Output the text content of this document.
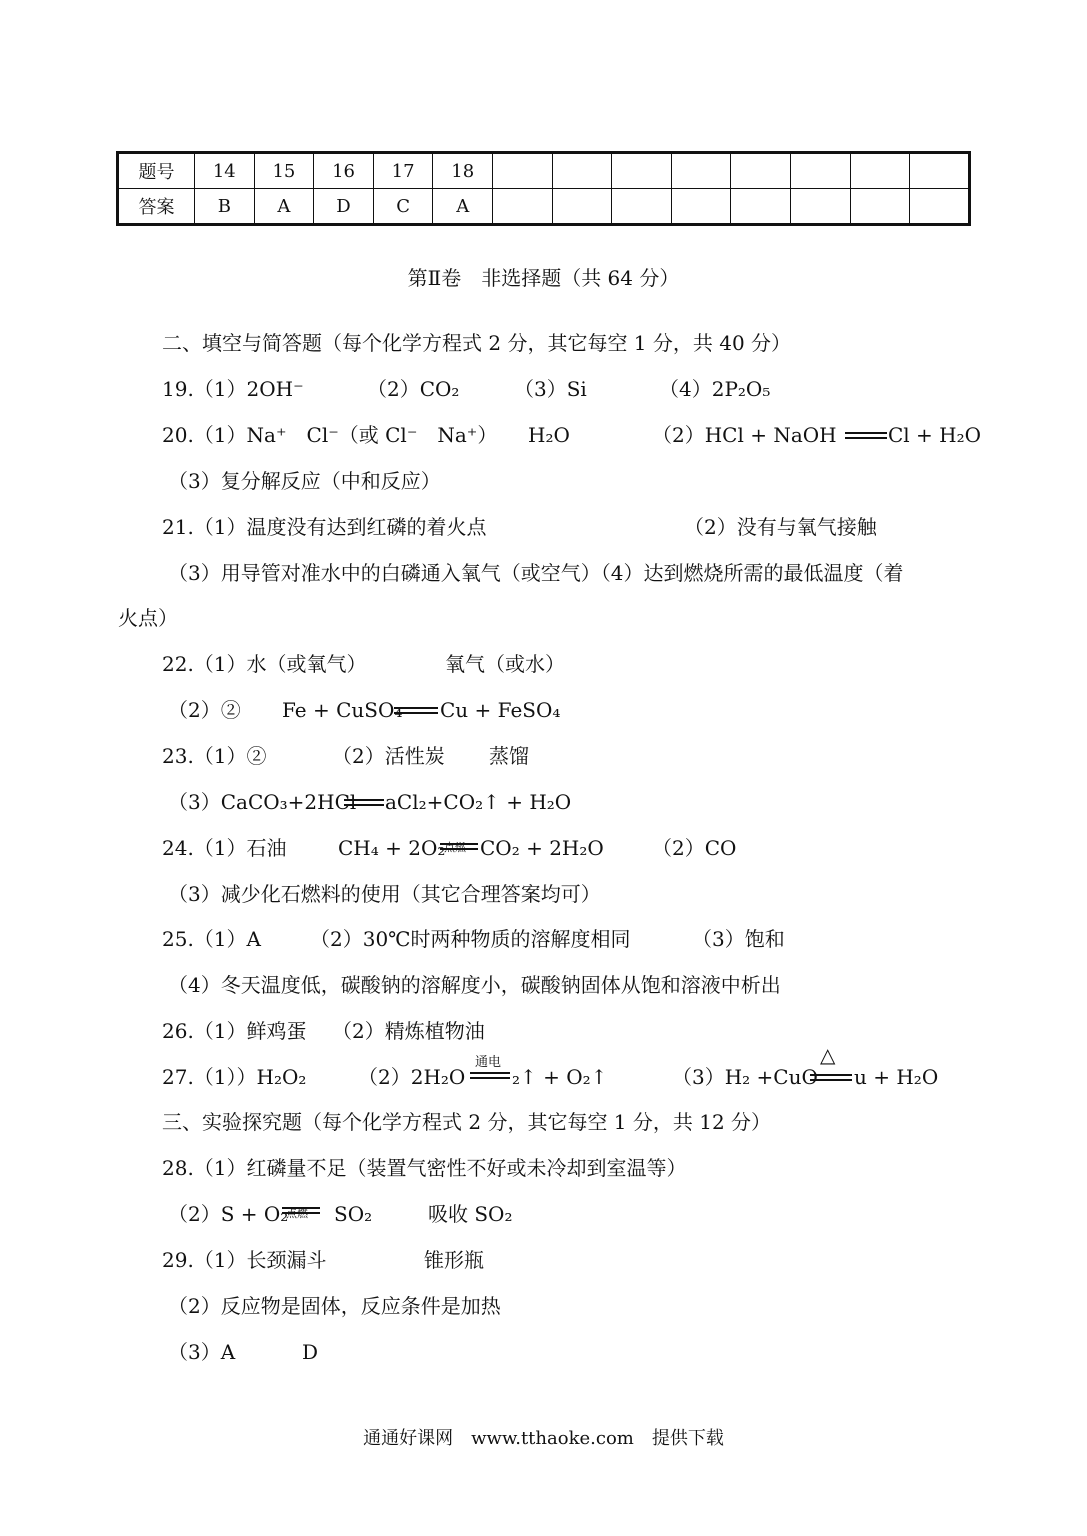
题号	14	15	16	17	18								
答案	B	A	D	C	A								
第Ⅱ卷　非选择题（共 64 分）
二、填空与简答题（每个化学方程式 2 分，其它每空 1 分，共 40 分）
19.（1）2OH⁻	（2）CO₂	（3）Si	（4）2P₂O₅
20.（1）Na⁺　Cl⁻（或 Cl⁻　Na⁺） H₂O	（2）HCl + NaOH	Cl + H₂O
（3）复分解反应（中和反应）
21.（1）温度没有达到红磷的着火点	（2）没有与氧气接触
（3）用导管对准水中的白磷通入氧气（或空气）（4）达到燃烧所需的最低温度（着
火点）
22.（1）水（或氧气）	氧气（或水）
（2）② Fe + CuSO₄ Cu + FeSO₄
23.（1）②	（2）活性炭 蒸馏
（3）CaCO₃+2HCl aCl₂+CO₂↑ + H₂O
24.（1）石油	CH₄ + 2O₂
点燃 CO₂ + 2H₂O （2）CO
（3）减少化石燃料的使用（其它合理答案均可）
25.（1）A （2）30℃时两种物质的溶解度相同	（3）饱和
（4）冬天温度低，碳酸钠的溶解度小，碳酸钠固体从饱和溶液中析出
26.（1）鲜鸡蛋 （2）精炼植物油
27.（1））H₂O₂	（2）2H₂O
通电
₂↑ + O₂↑	（3）H₂ +CuO
△
u + H₂O
三、实验探究题（每个化学方程式 2 分，其它每空 1 分，共 12 分）
28.（1）红磷量不足（装置气密性不好或未冷却到室温等）
（2）S + O₂
点燃 SO₂	吸收 SO₂
29.（1）长颈漏斗	锥形瓶
（2）反应物是固体，反应条件是加热
（3）A	D
通通好课网　www.tthaoke.com　提供下载
